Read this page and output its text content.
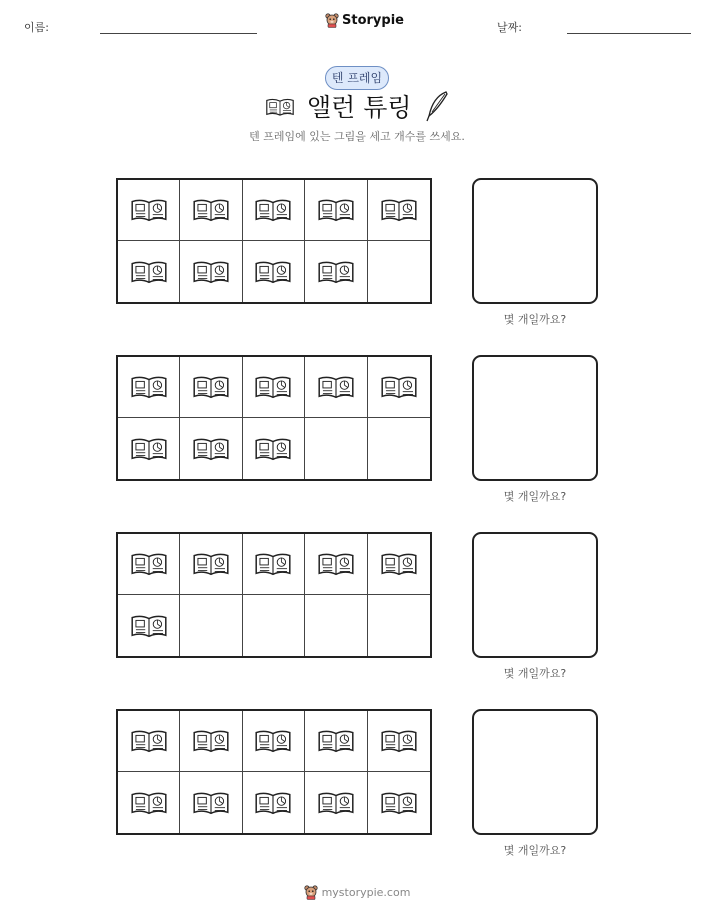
이름:	Storypie	날짜:
텐 프레임
앨런 튜링
텐 프레임에 있는 그림을 세고 개수를 쓰세요.
몇 개일까요?
몇 개일까요?
몇 개일까요?
몇 개일까요?
mystorypie.com
